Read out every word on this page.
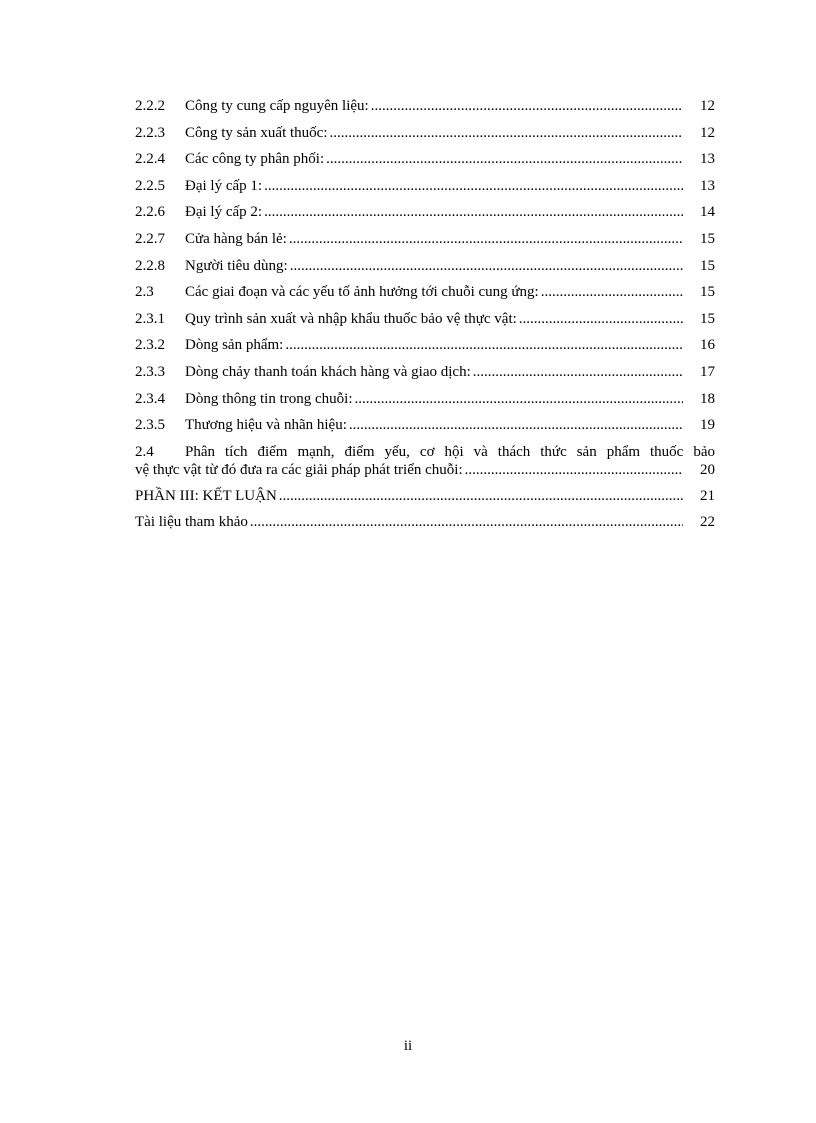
2.2.2	Công ty cung cấp nguyên liệu: .....	12
2.2.3	Công ty sản xuất thuốc: .....	12
2.2.4	Các công ty phân phối: .....	13
2.2.5	Đại lý cấp 1: .....	13
2.2.6	Đại lý cấp 2: .....	14
2.2.7	Cửa hàng bán lẻ: .....	15
2.2.8	Người tiêu dùng: .....	15
2.3	Các giai đoạn và các yếu tố ảnh hưởng tới chuỗi cung ứng: .....	15
2.3.1	Quy trình sản xuất và nhập khẩu thuốc bảo vệ thực vật: .....	15
2.3.2	Dòng sản phẩm: .....	16
2.3.3	Dòng chảy thanh toán khách hàng và giao dịch: .....	17
2.3.4	Dòng thông tin trong chuỗi: .....	18
2.3.5	Thương hiệu và nhãn hiệu: .....	19
2.4	Phân tích điểm mạnh, điểm yếu, cơ hội và thách thức sản phẩm thuốc bảo
vệ thực vật từ đó đưa ra các giải pháp phát triển chuỗi: .....	20
PHẦN III: KẾT LUẬN .....	21
Tài liệu tham khảo .....	22
ii
